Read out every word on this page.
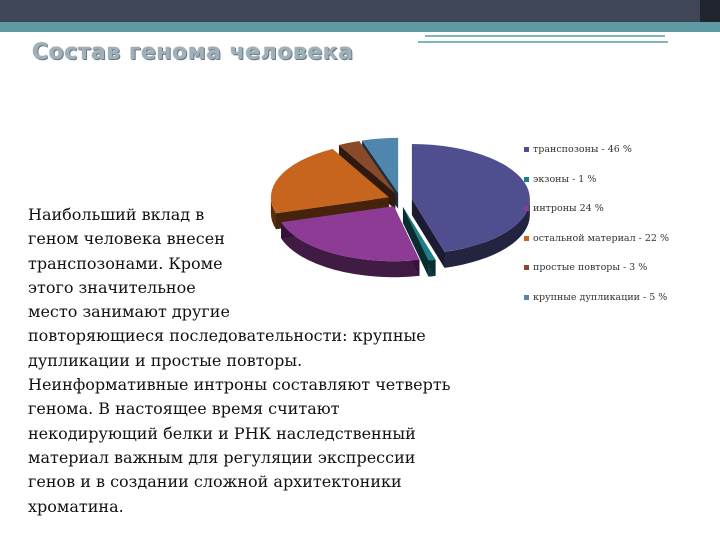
Состав генома человека
транспозоны - 46 %
экзоны - 1 %
интроны 24 %
остальной материал - 22 %
простые повторы - 3 %
крупные дупликации - 5 %
Наибольший вклад в
геном человека внесен
транспозонами. Кроме
этого значительное
место занимают другие
повторяющиеся последовательности: крупные
дупликации и простые повторы.
Неинформативные интроны составляют четверть
генома. В настоящее время считают
некодирующий белки и РНК наследственный
материал важным для регуляции экспрессии
генов и в создании сложной архитектоники
хроматина.
